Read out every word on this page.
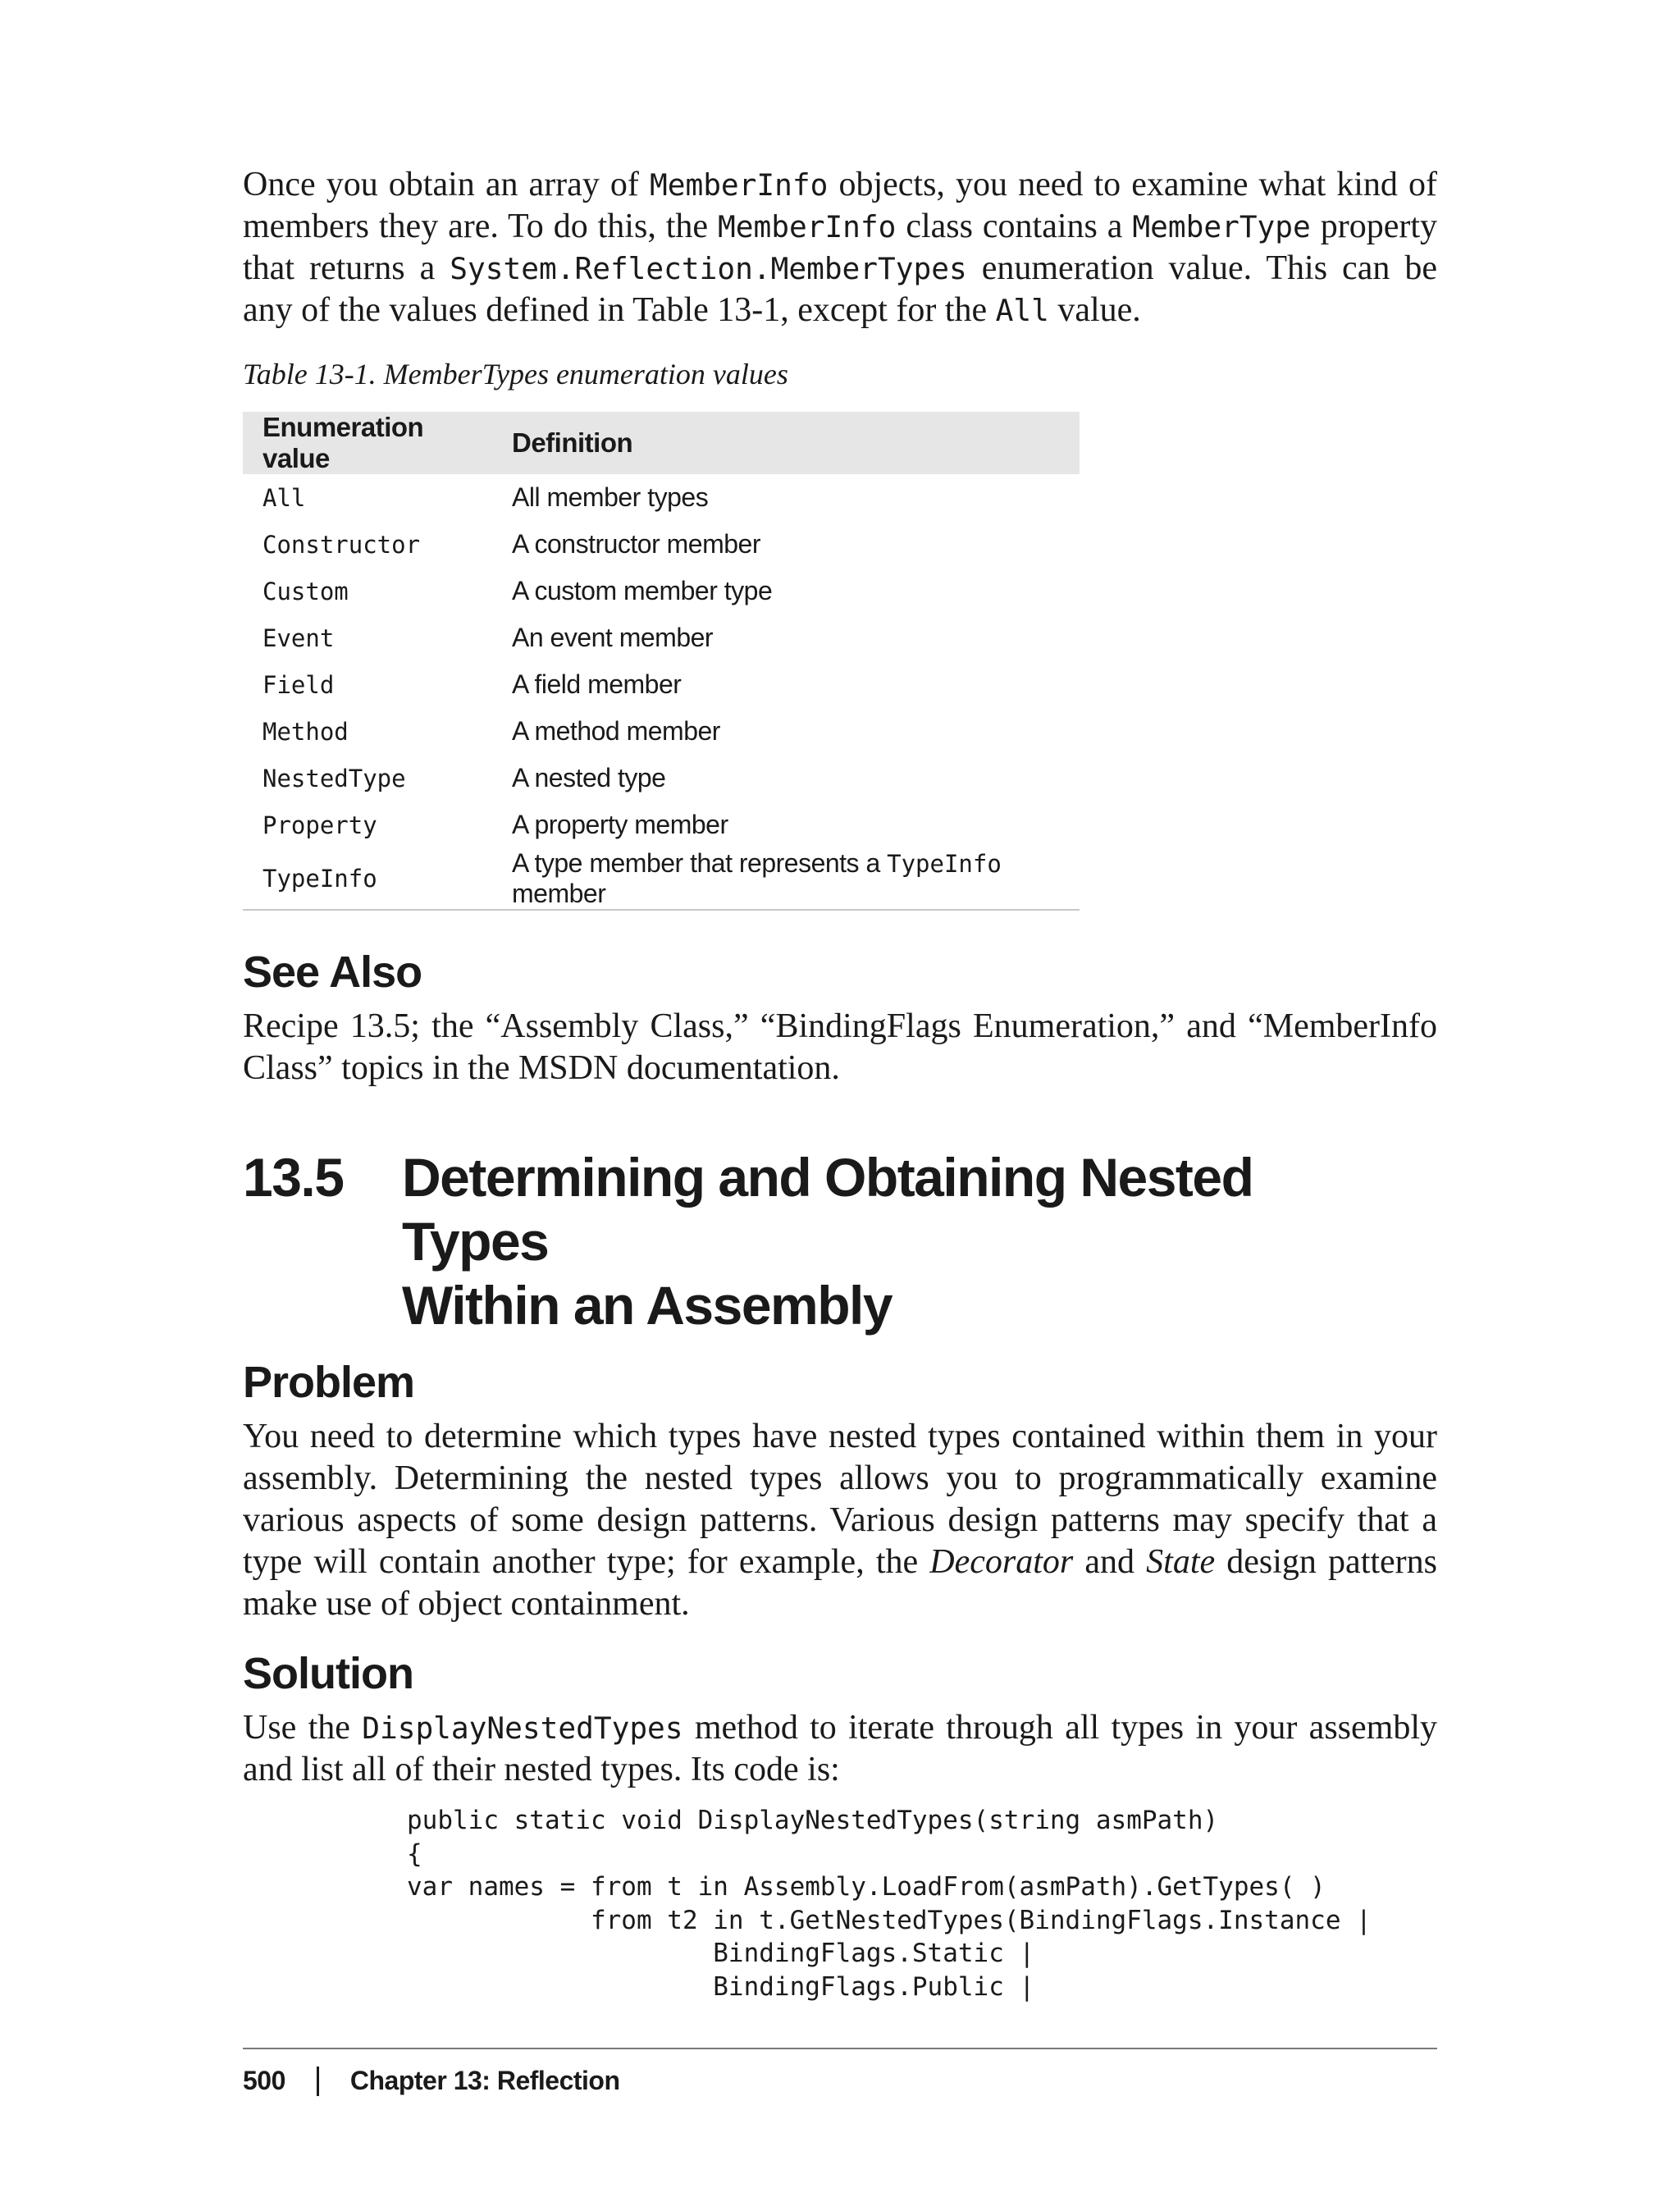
Once you obtain an array of MemberInfo objects, you need to examine what kind of members they are. To do this, the MemberInfo class contains a MemberType property that returns a System.Reflection.MemberTypes enumeration value. This can be any of the values defined in Table 13-1, except for the All value.

Table 13-1. MemberTypes enumeration values

Enumeration value	Definition
All	All member types
Constructor	A constructor member
Custom	A custom member type
Event	An event member
Field	A field member
Method	A method member
NestedType	A nested type
Property	A property member
TypeInfo	A type member that represents a TypeInfo member
See Also

Recipe 13.5; the “Assembly Class,” “BindingFlags Enumeration,” and “MemberInfo Class” topics in the MSDN documentation.

13.5	Determining and Obtaining Nested Types
Within an Assembly
Problem

You need to determine which types have nested types contained within them in your assembly. Determining the nested types allows you to programmatically examine various aspects of some design patterns. Various design patterns may specify that a type will contain another type; for example, the Decorator and State design patterns make use of object containment.

Solution

Use the DisplayNestedTypes method to iterate through all types in your assembly and list all of their nested types. Its code is:

public static void DisplayNestedTypes(string asmPath)
{
var names = from t in Assembly.LoadFrom(asmPath).GetTypes( )
from t2 in t.GetNestedTypes(BindingFlags.Instance |
BindingFlags.Static |
BindingFlags.Public |
500 Chapter 13: Reflection
